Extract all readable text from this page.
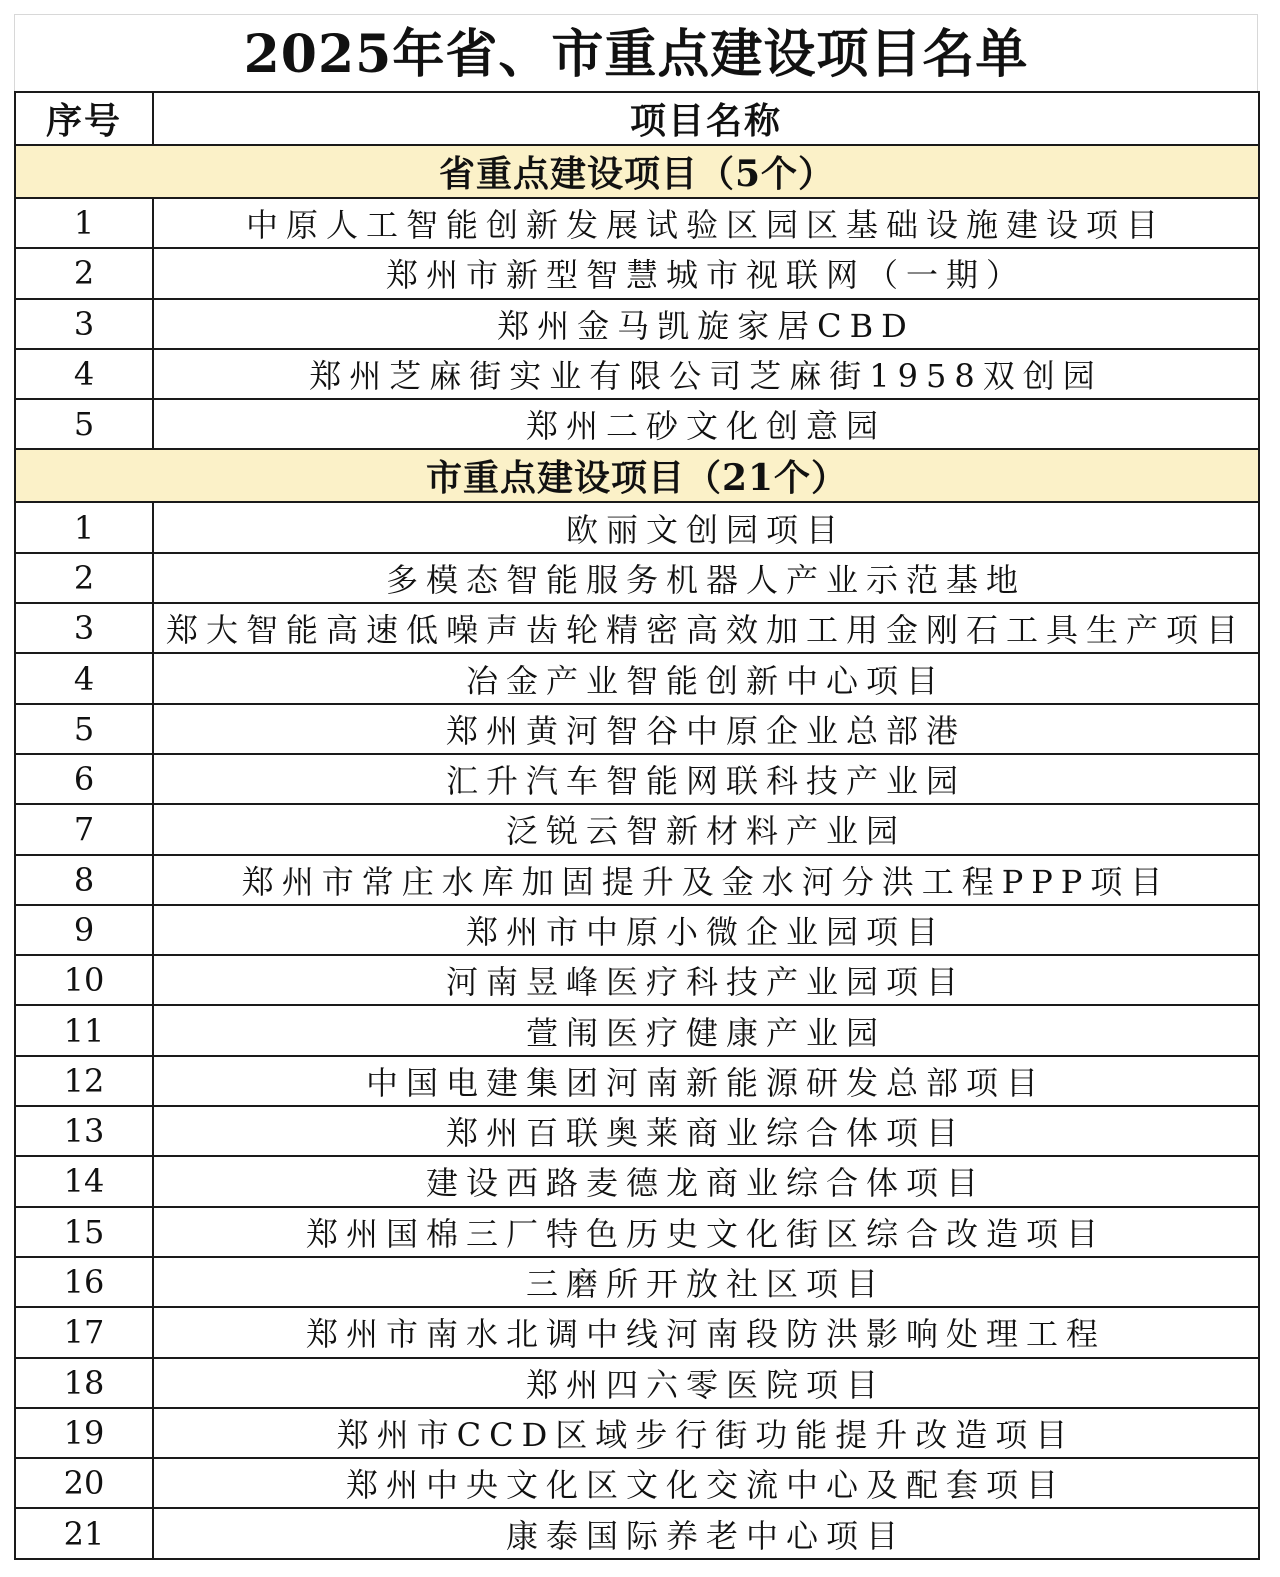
2025年省、市重点建设项目名单
序号	项目名称
省重点建设项目（5个）	
1	中原人工智能创新发展试验区园区基础设施建设项目
2	郑州市新型智慧城市视联网（一期）
3	郑州金马凯旋家居CBD
4	郑州芝麻街实业有限公司芝麻街1958双创园
5	郑州二砂文化创意园
市重点建设项目（21个）	
1	欧丽文创园项目
2	多模态智能服务机器人产业示范基地
3	郑大智能高速低噪声齿轮精密高效加工用金刚石工具生产项目
4	冶金产业智能创新中心项目
5	郑州黄河智谷中原企业总部港
6	汇升汽车智能网联科技产业园
7	泛锐云智新材料产业园
8	郑州市常庄水库加固提升及金水河分洪工程PPP项目
9	郑州市中原小微企业园项目
10	河南昱峰医疗科技产业园项目
11	萱闱医疗健康产业园
12	中国电建集团河南新能源研发总部项目
13	郑州百联奥莱商业综合体项目
14	建设西路麦德龙商业综合体项目
15	郑州国棉三厂特色历史文化街区综合改造项目
16	三磨所开放社区项目
17	郑州市南水北调中线河南段防洪影响处理工程
18	郑州四六零医院项目
19	郑州市CCD区域步行街功能提升改造项目
20	郑州中央文化区文化交流中心及配套项目
21	康泰国际养老中心项目
